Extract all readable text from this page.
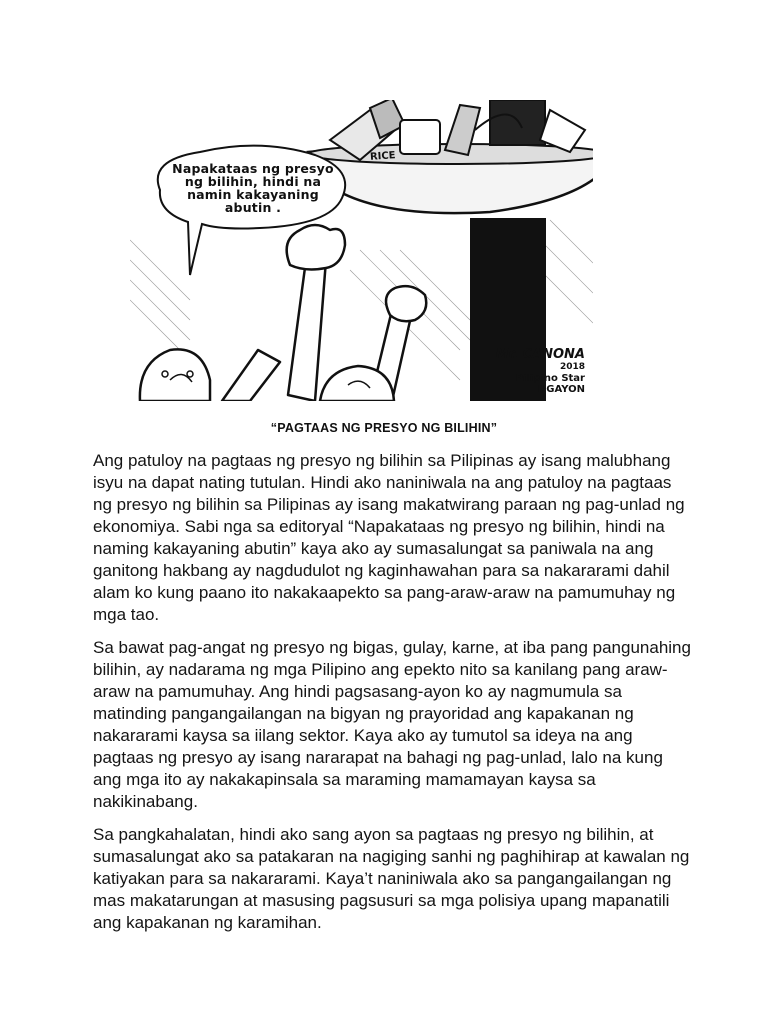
Napakataas ng presyo ng bilihin, hindi na namin kakayaning abutin .
RICE
Mr. CANONA
2018
Pilipino Star
NGAYON
“PAGTAAS NG PRESYO NG BILIHIN”

Ang patuloy na pagtaas ng presyo ng bilihin sa Pilipinas ay isang malubhang isyu na dapat nating tutulan. Hindi ako naniniwala na ang patuloy na pagtaas ng presyo ng bilihin sa Pilipinas ay isang makatwirang paraan ng pag-unlad ng ekonomiya. Sabi nga sa editoryal “Napakataas ng presyo ng bilihin, hindi na naming kakayaning abutin” kaya ako ay sumasalungat sa paniwala na ang ganitong hakbang ay nagdudulot ng kaginhawahan para sa nakararami dahil alam ko kung paano ito nakakaapekto sa pang-araw-araw na pamumuhay ng mga tao.

Sa bawat pag-angat ng presyo ng bigas, gulay, karne, at iba pang pangunahing bilihin, ay nadarama ng mga Pilipino ang epekto nito sa kanilang pang araw-araw na pamumuhay. Ang hindi pagsasang-ayon ko ay nagmumula sa matinding pangangailangan na bigyan ng prayoridad ang kapakanan ng nakararami kaysa sa iilang sektor. Kaya ako ay tumutol sa ideya na ang pagtaas ng presyo ay isang nararapat na bahagi ng pag-unlad, lalo na kung ang mga ito ay nakakapinsala sa maraming mamamayan kaysa sa nakikinabang.

Sa pangkahalatan, hindi ako sang ayon sa pagtaas ng presyo ng bilihin, at sumasalungat ako sa patakaran na nagiging sanhi ng paghihirap at kawalan ng katiyakan para sa nakararami. Kaya’t naniniwala ako sa pangangailangan ng mas makatarungan at masusing pagsusuri sa mga polisiya upang mapanatili ang kapakanan ng karamihan.
